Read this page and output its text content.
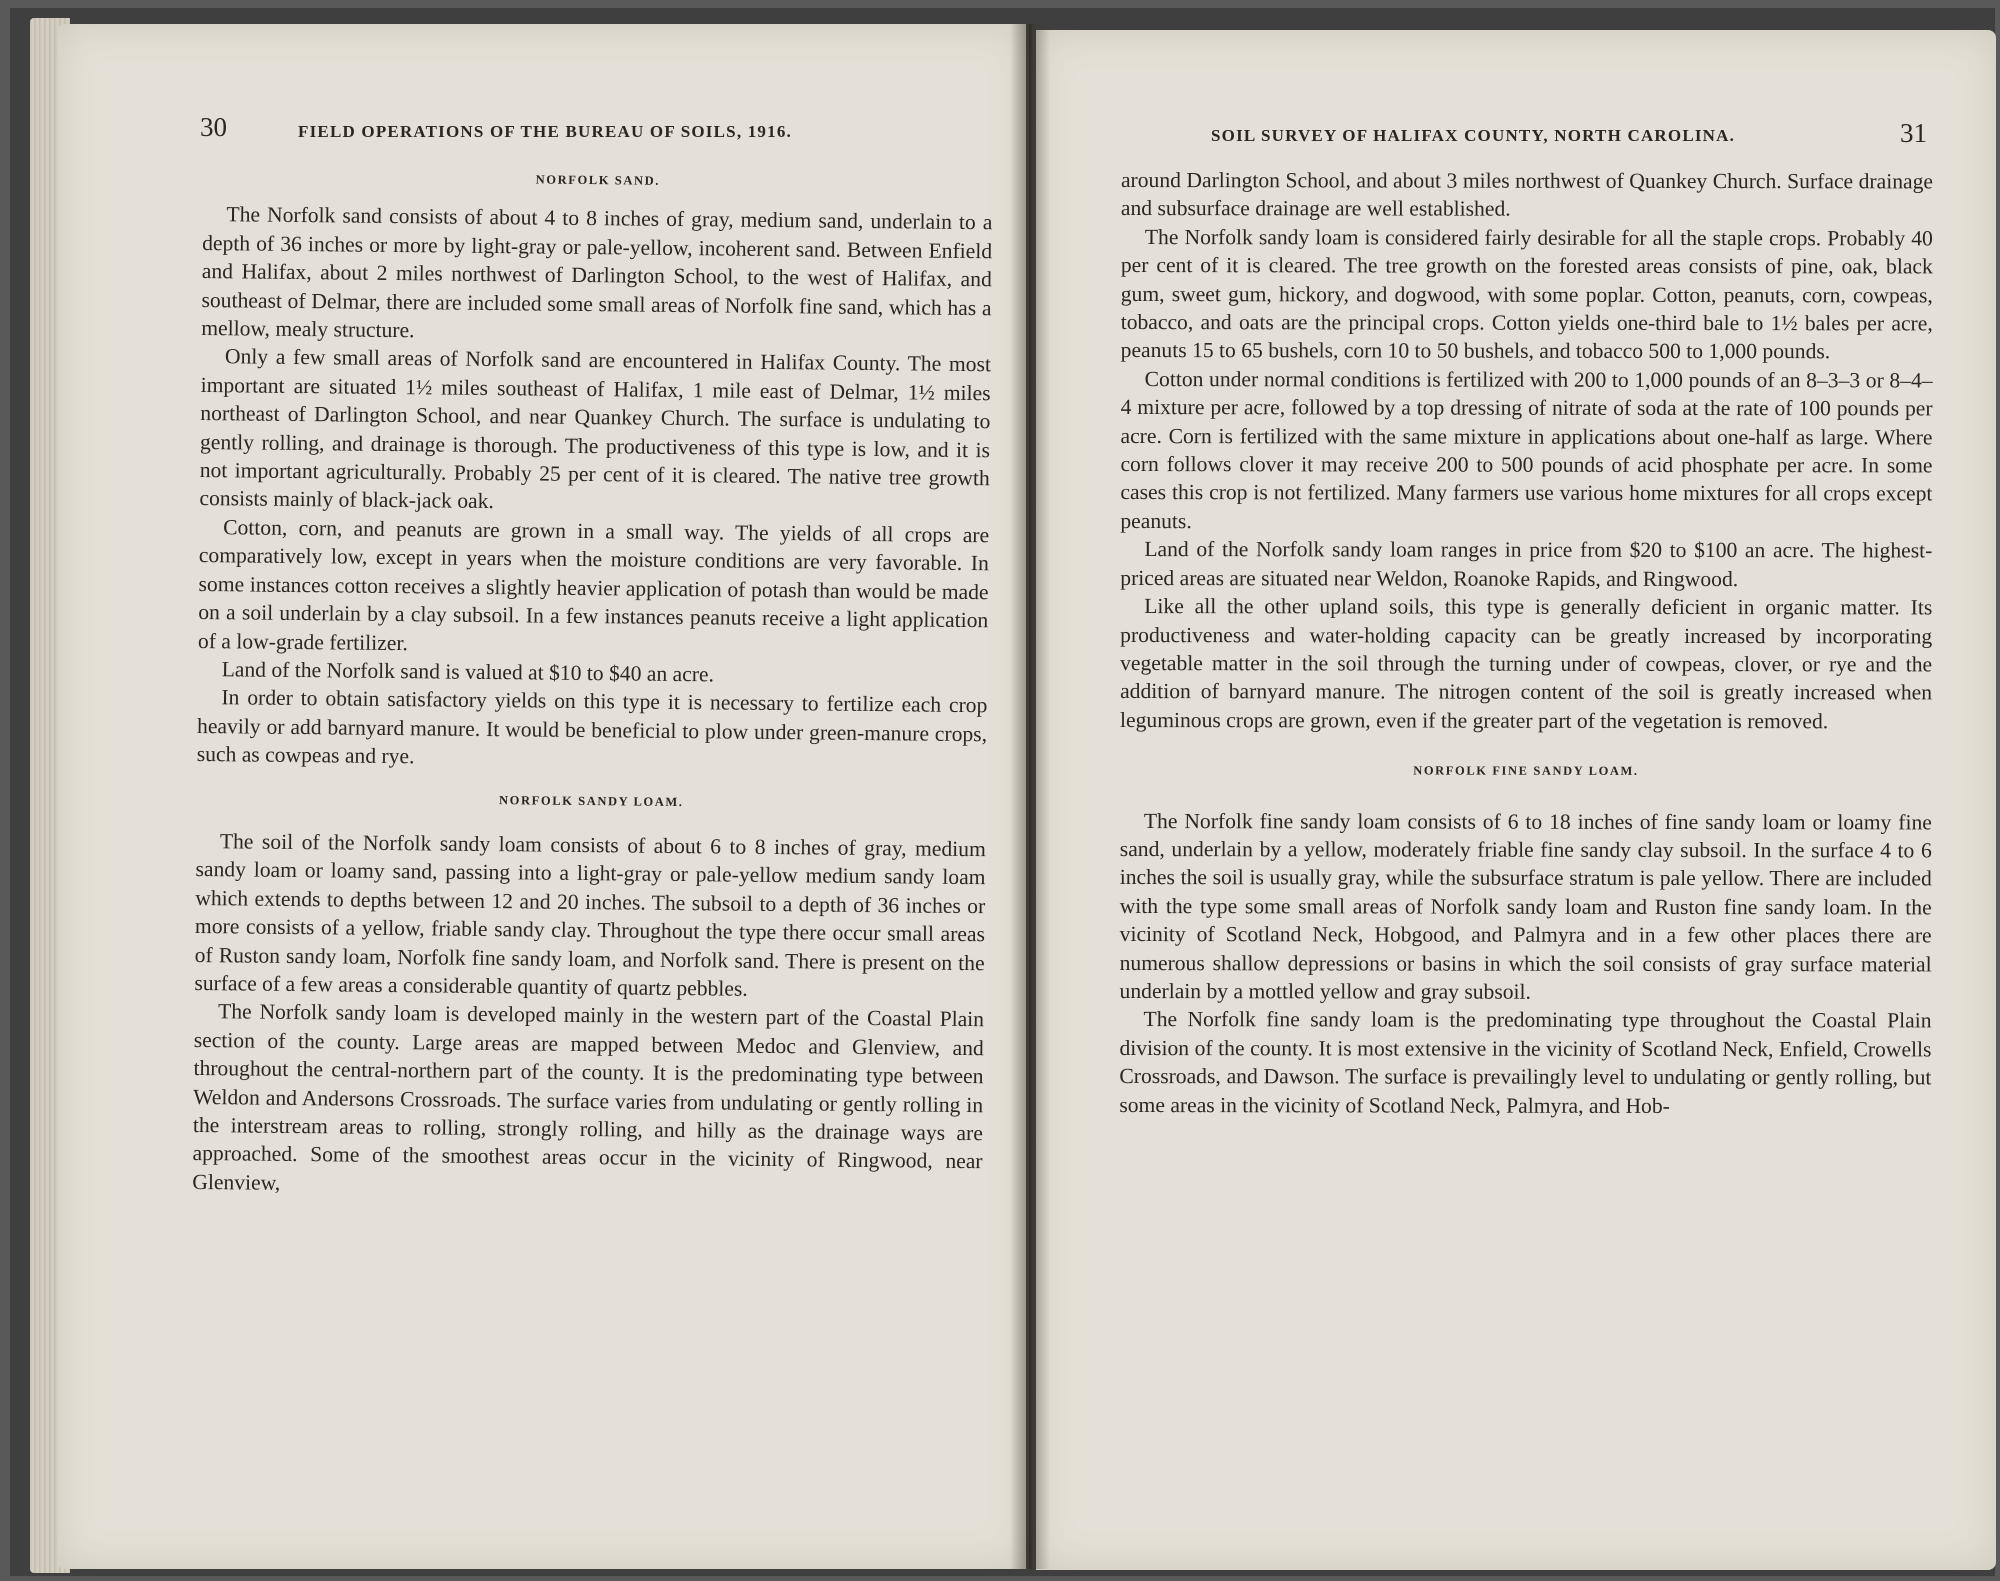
30	FIELD OPERATIONS OF THE BUREAU OF SOILS, 1916.
NORFOLK SAND.

The Norfolk sand consists of about 4 to 8 inches of gray, medium sand, underlain to a depth of 36 inches or more by light-gray or pale-yellow, incoherent sand. Between Enfield and Halifax, about 2 miles northwest of Darlington School, to the west of Halifax, and southeast of Delmar, there are included some small areas of Norfolk fine sand, which has a mellow, mealy structure.

Only a few small areas of Norfolk sand are encountered in Halifax County. The most important are situated 1½ miles southeast of Halifax, 1 mile east of Delmar, 1½ miles northeast of Darlington School, and near Quankey Church. The surface is undulating to gently rolling, and drainage is thorough. The productiveness of this type is low, and it is not important agriculturally. Probably 25 per cent of it is cleared. The native tree growth consists mainly of black-jack oak.

Cotton, corn, and peanuts are grown in a small way. The yields of all crops are comparatively low, except in years when the moisture conditions are very favorable. In some instances cotton receives a slightly heavier application of potash than would be made on a soil underlain by a clay subsoil. In a few instances peanuts receive a light application of a low-grade fertilizer.

Land of the Norfolk sand is valued at $10 to $40 an acre.

In order to obtain satisfactory yields on this type it is necessary to fertilize each crop heavily or add barnyard manure. It would be beneficial to plow under green-manure crops, such as cowpeas and rye.

NORFOLK SANDY LOAM.

The soil of the Norfolk sandy loam consists of about 6 to 8 inches of gray, medium sandy loam or loamy sand, passing into a light-gray or pale-yellow medium sandy loam which extends to depths between 12 and 20 inches. The subsoil to a depth of 36 inches or more consists of a yellow, friable sandy clay. Throughout the type there occur small areas of Ruston sandy loam, Norfolk fine sandy loam, and Norfolk sand. There is present on the surface of a few areas a considerable quantity of quartz pebbles.

The Norfolk sandy loam is developed mainly in the western part of the Coastal Plain section of the county. Large areas are mapped between Medoc and Glenview, and throughout the central-northern part of the county. It is the predominating type between Weldon and Andersons Crossroads. The surface varies from undulating or gently rolling in the interstream areas to rolling, strongly rolling, and hilly as the drainage ways are approached. Some of the smoothest areas occur in the vicinity of Ringwood, near Glenview,

SOIL SURVEY OF HALIFAX COUNTY, NORTH CAROLINA.	31

around Darlington School, and about 3 miles northwest of Quankey Church. Surface drainage and subsurface drainage are well established.

The Norfolk sandy loam is considered fairly desirable for all the staple crops. Probably 40 per cent of it is cleared. The tree growth on the forested areas consists of pine, oak, black gum, sweet gum, hickory, and dogwood, with some poplar. Cotton, peanuts, corn, cowpeas, tobacco, and oats are the principal crops. Cotton yields one-third bale to 1½ bales per acre, peanuts 15 to 65 bushels, corn 10 to 50 bushels, and tobacco 500 to 1,000 pounds.

Cotton under normal conditions is fertilized with 200 to 1,000 pounds of an 8–3–3 or 8–4–4 mixture per acre, followed by a top dressing of nitrate of soda at the rate of 100 pounds per acre. Corn is fertilized with the same mixture in applications about one-half as large. Where corn follows clover it may receive 200 to 500 pounds of acid phosphate per acre. In some cases this crop is not fertilized. Many farmers use various home mixtures for all crops except peanuts.

Land of the Norfolk sandy loam ranges in price from $20 to $100 an acre. The highest-priced areas are situated near Weldon, Roanoke Rapids, and Ringwood.

Like all the other upland soils, this type is generally deficient in organic matter. Its productiveness and water-holding capacity can be greatly increased by incorporating vegetable matter in the soil through the turning under of cowpeas, clover, or rye and the addition of barnyard manure. The nitrogen content of the soil is greatly increased when leguminous crops are grown, even if the greater part of the vegetation is removed.

NORFOLK FINE SANDY LOAM.

The Norfolk fine sandy loam consists of 6 to 18 inches of fine sandy loam or loamy fine sand, underlain by a yellow, moderately friable fine sandy clay subsoil. In the surface 4 to 6 inches the soil is usually gray, while the subsurface stratum is pale yellow. There are included with the type some small areas of Norfolk sandy loam and Ruston fine sandy loam. In the vicinity of Scotland Neck, Hobgood, and Palmyra and in a few other places there are numerous shallow depressions or basins in which the soil consists of gray surface material underlain by a mottled yellow and gray subsoil.

The Norfolk fine sandy loam is the predominating type throughout the Coastal Plain division of the county. It is most extensive in the vicinity of Scotland Neck, Enfield, Crowells Crossroads, and Dawson. The surface is prevailingly level to undulating or gently rolling, but some areas in the vicinity of Scotland Neck, Palmyra, and Hob-
